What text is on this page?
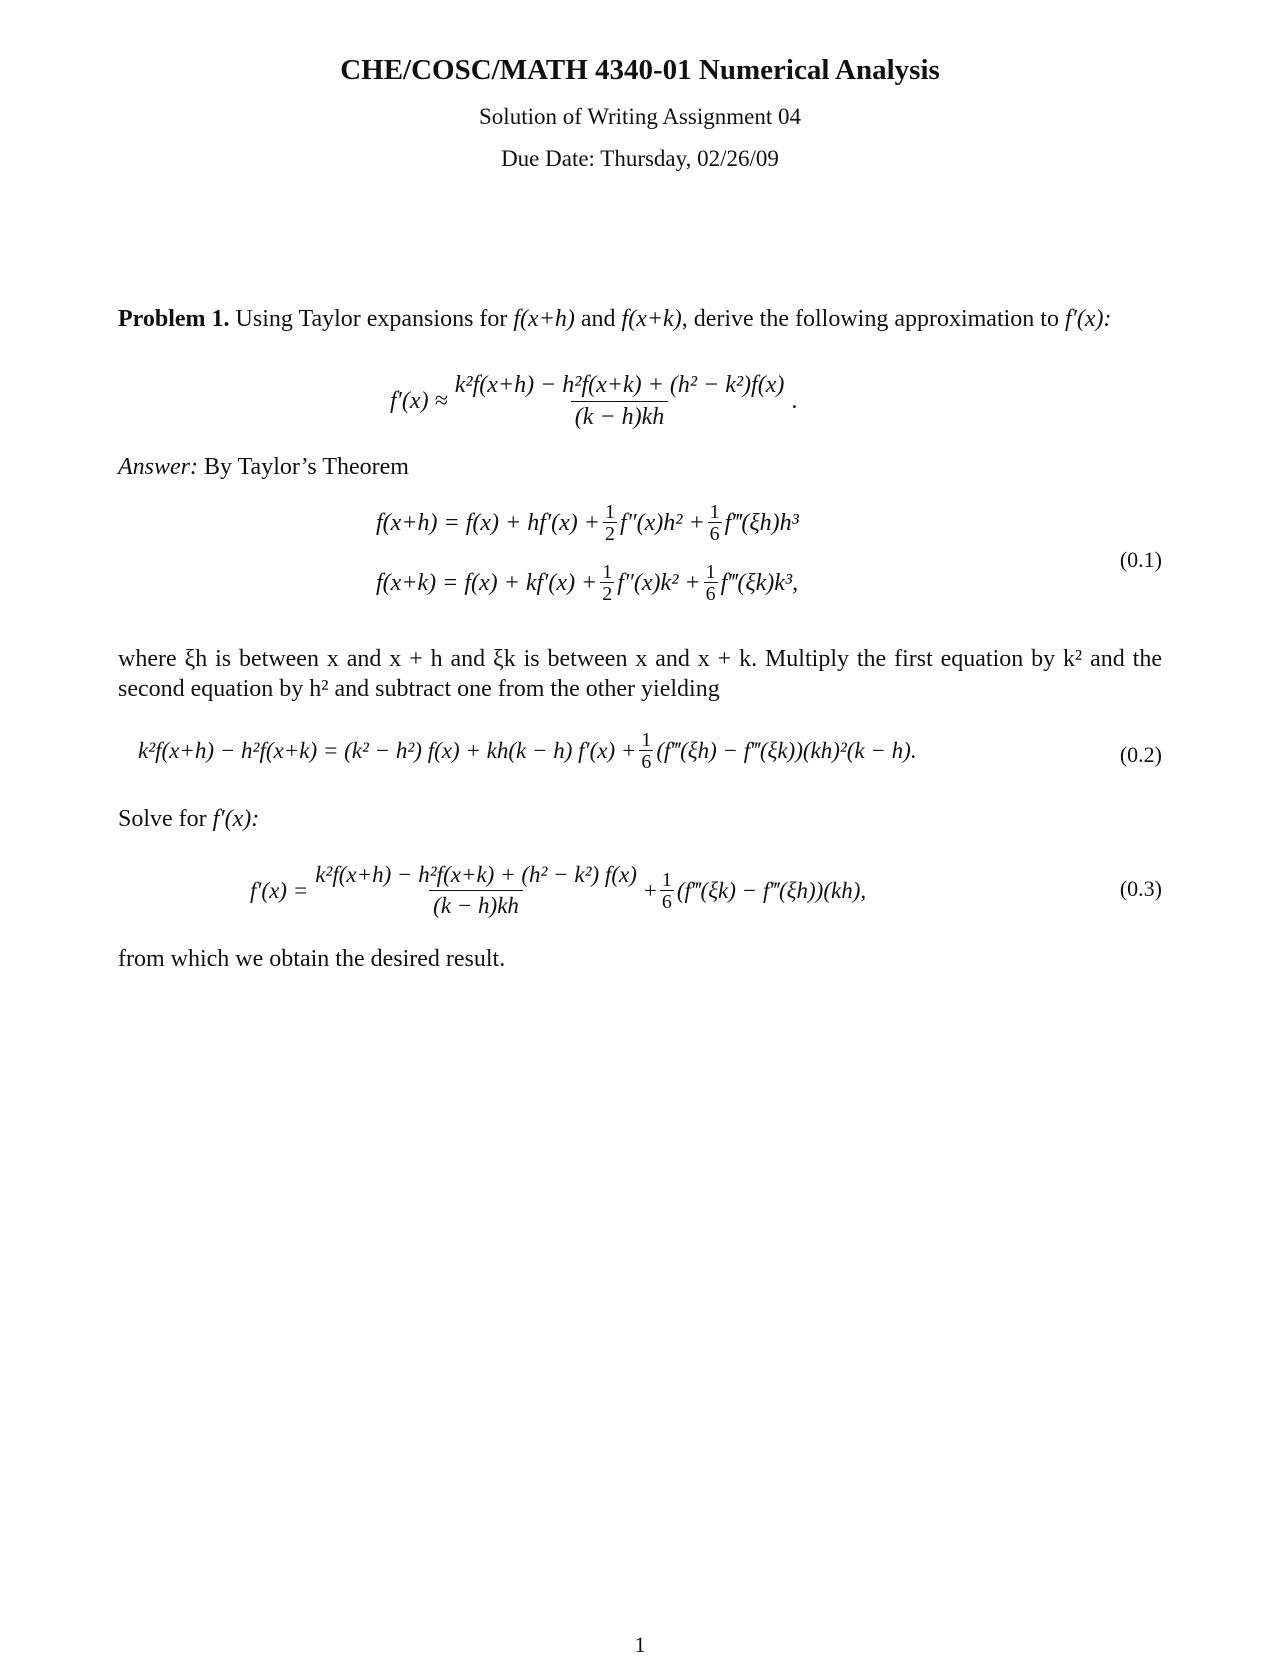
CHE/COSC/MATH 4340-01 Numerical Analysis
Solution of Writing Assignment 04
Due Date: Thursday, 02/26/09
Problem 1. Using Taylor expansions for f(x+h) and f(x+k), derive the following approximation to f′(x):
$f'(x) \approx \frac{\text{k²f(x+h) − h²f(x+k) + (h² − k²)f(x)}}{(k - h)kh}$ .
Answer: By Taylor’s Theorem
$f(x+h) = f(x) + hf'(x) + \frac{1}{2} f''(x)h^2 + \frac{1}{6}$ f‴(ξh)h³
$f(x+k) = f(x) + kf'(x) + \frac{1}{2} f''(x)k^2 + \frac{1}{6}$ f‴(ξk)k³,
(0.1)
where ξh is between x and x + h and ξk is between x and x + k. Multiply the first equation by k² and the second equation by h² and subtract one from the other yielding
k²f(x+h) − h²f(x+k) = (k² − h²) f(x) + kh(k − h) $f'(x) + \frac{1}{6}$ (f‴(ξh) − f‴(ξk))(kh)²(k − h).	(0.2)
Solve for f′(x):
$f'(x) = \frac{\text{k²f(x+h) − h²f(x+k) + (h² − k²) f(x)}}{(k - h)kh} + \frac{1}{6}$ (f‴(ξk) − f‴(ξh))(kh),	(0.3)
from which we obtain the desired result.
1
